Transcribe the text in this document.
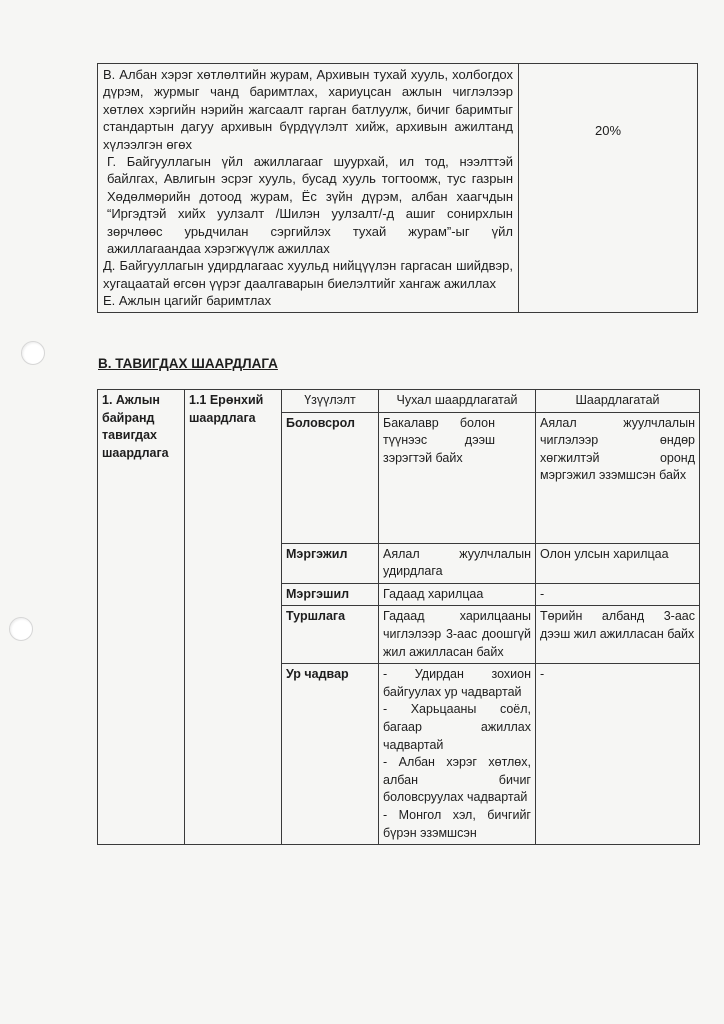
В. Албан хэрэг хөтлөлтийн журам, Архивын тухай хууль, холбогдох дүрэм, журмыг чанд баримтлах, хариуцсан ажлын чиглэлээр хөтлөх хэргийн нэрийн жагсаалт гарган батлуулж, бичиг баримтыг стандартын дагуу архивын бүрдүүлэлт хийж, архивын ажилтанд хүлээлгэн өгөх

Г. Байгууллагын үйл ажиллагааг шуурхай, ил тод, нээлттэй байлгах, Авлигын эсрэг хууль, бусад хууль тогтоомж, тус газрын Хөдөлмөрийн дотоод журам, Ёс зүйн дүрэм, албан хаагчдын “Иргэдтэй хийх уулзалт /Шилэн уулзалт/-д ашиг сонирхлын зөрчлөөс урьдчилан сэргийлэх тухай журам”-ыг үйл ажиллагаандаа хэрэгжүүлж ажиллах

Д. Байгууллагын удирдлагаас хуульд нийцүүлэн гаргасан шийдвэр, хугацаатай өгсөн үүрэг даалгаварын биелэлтийг хангаж ажиллах

Е. Ажлын цагийг баримтлах

	20%
В. ТАВИГДАХ ШААРДЛАГА
1. Ажлын байранд тавигдах шаардлага	1.1 Ерөнхий шаардлага	Үзүүлэлт	Чухал шаардлагатай	Шаардлагатай
		Боловсрол	Бакалавр болон түүнээс дээш зэрэгтэй байх	Аялал жуулчлалын чиглэлээр өндөр хөгжилтэй оронд мэргэжил эзэмшсэн байх
		Мэргэжил	Аялал жуулчлалын удирдлага	Олон улсын харилцаа
		Мэргэшил	Гадаад харилцаа	-
		Туршлага	Гадаад харилцааны чиглэлээр 3-аас доошгүй жил ажилласан байх	Төрийн албанд 3-аас дээш жил ажилласан байх
		Ур чадвар	- Удирдан зохион байгуулах ур чадвартай
- Харьцааны соёл, багаар ажиллах чадвартай
- Албан хэрэг хөтлөх, албан бичиг боловсруулах чадвартай
- Монгол хэл, бичгийг бүрэн эзэмшсэн	-
